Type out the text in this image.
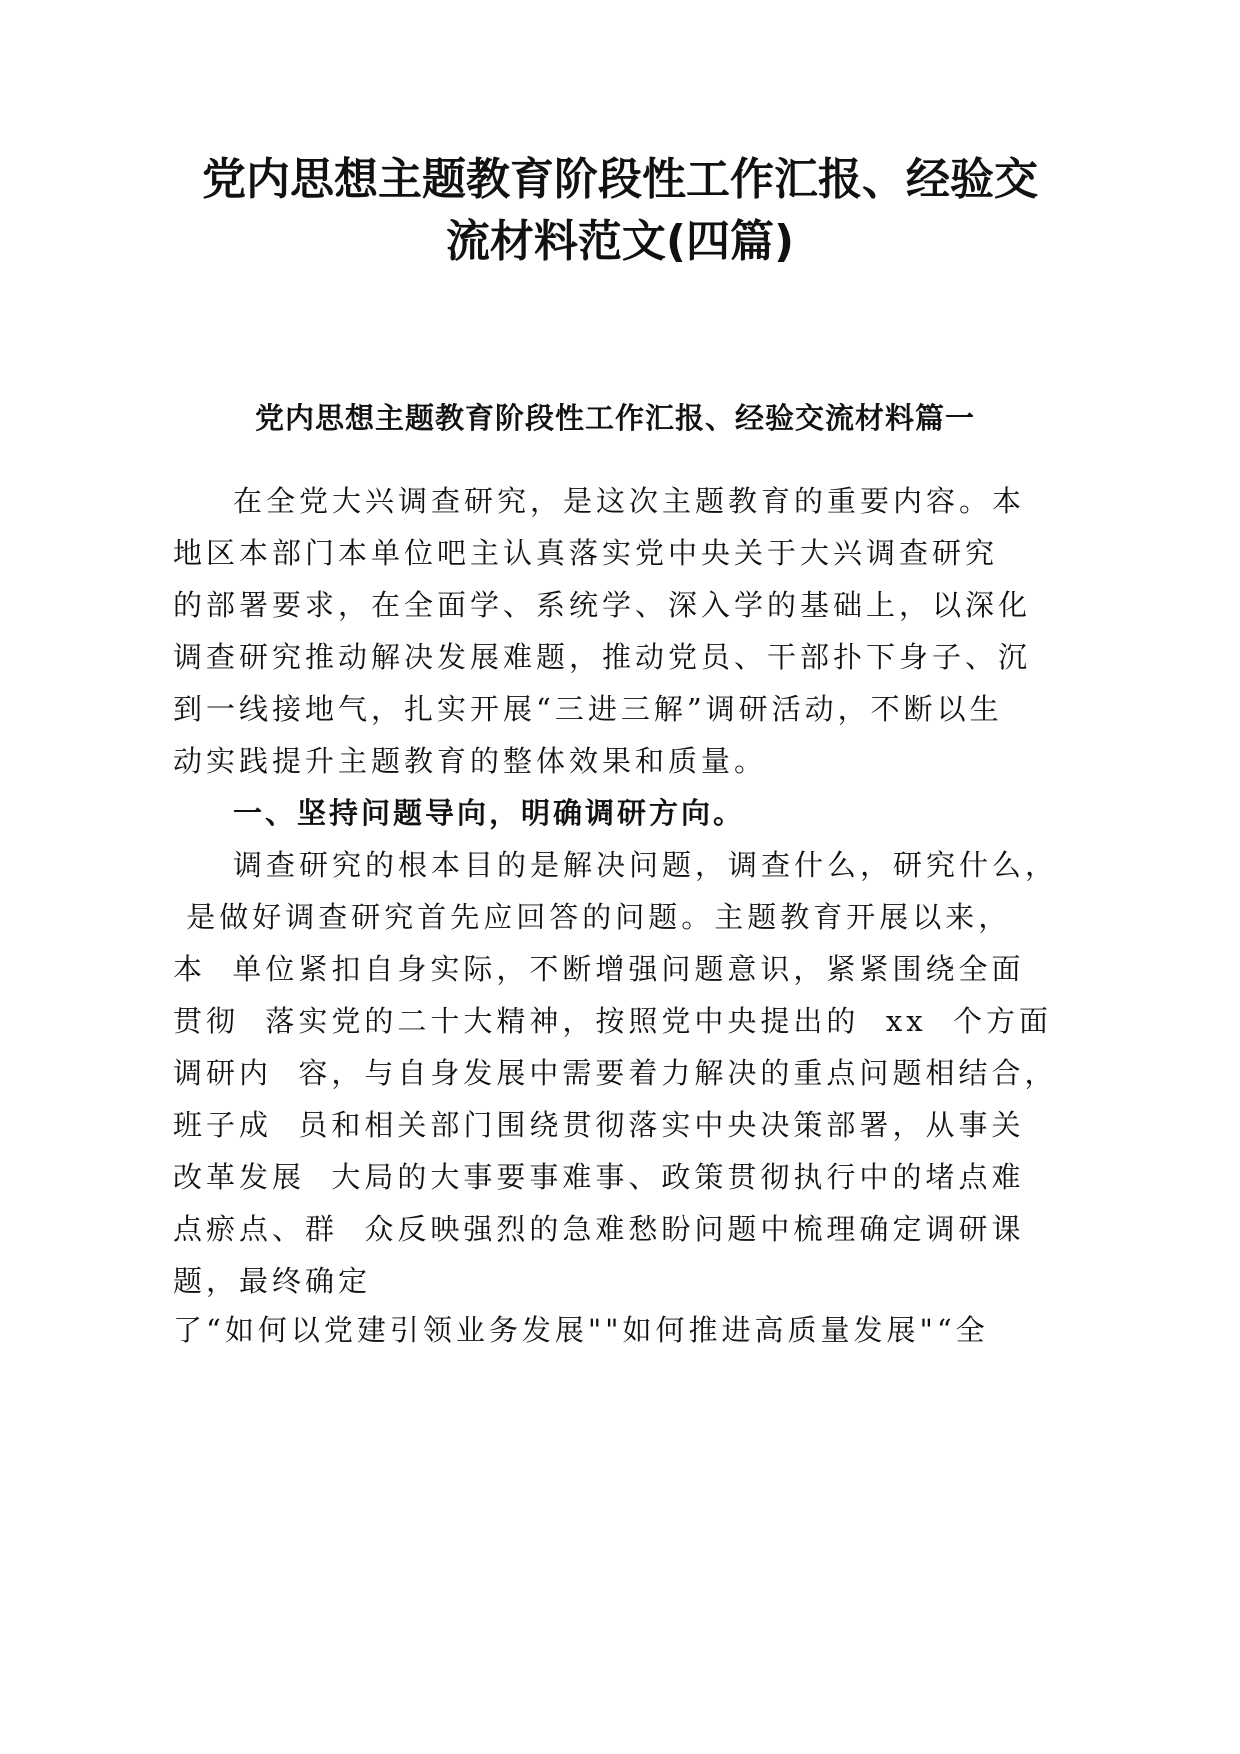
党内思想主题教育阶段性工作汇报、经验交
流材料范文(四篇)
党内思想主题教育阶段性工作汇报、经验交流材料篇一

在全党大兴调查研究，是这次主题教育的重要内容。本

地区本部门本单位吧主认真落实党中央关于大兴调查研究

的部署要求，在全面学、系统学、深入学的基础上，以深化

调查研究推动解决发展难题，推动党员、干部扑下身子、沉

到一线接地气，扎实开展“三进三解”调研活动，不断以生

动实践提升主题教育的整体效果和质量。

一、坚持问题导向，明确调研方向。

调查研究的根本目的是解决问题，调查什么，研究什么，

是做好调查研究首先应回答的问题。主题教育开展以来，

本  单位紧扣自身实际，不断增强问题意识，紧紧围绕全面

贯彻  落实党的二十大精神，按照党中央提出的  xx  个方面

调研内  容，与自身发展中需要着力解决的重点问题相结合，

班子成  员和相关部门围绕贯彻落实中央决策部署，从事关

改革发展  大局的大事要事难事、政策贯彻执行中的堵点难

点瘀点、群  众反映强烈的急难愁盼问题中梳理确定调研课

题，最终确定

了“如何以党建引领业务发展""如何推进高质量发展"“全
